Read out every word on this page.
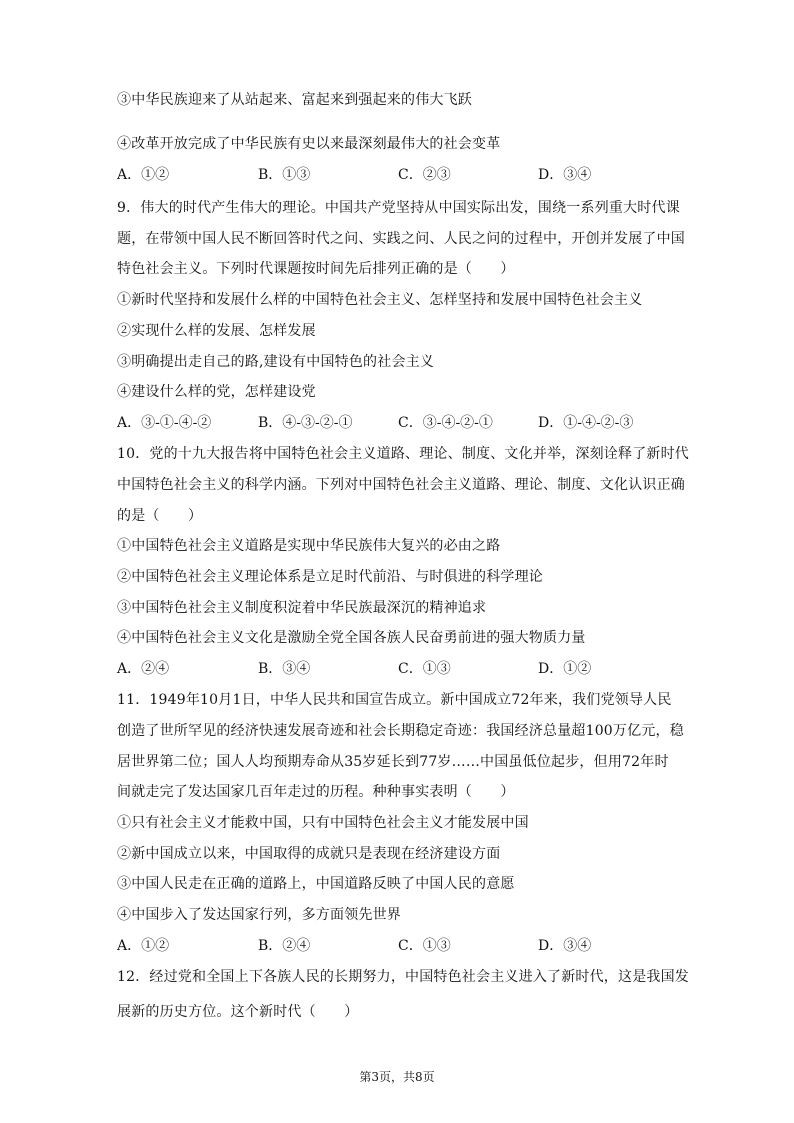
③中华民族迎来了从站起来、富起来到强起来的伟大飞跃
④改革开放完成了中华民族有史以来最深刻最伟大的社会变革
A．①②	B．①③	C．②③	D．③④
9．伟大的时代产生伟大的理论。中国共产党坚持从中国实际出发，围绕一系列重大时代课
题，在带领中国人民不断回答时代之问、实践之问、人民之问的过程中，开创并发展了中国
特色社会主义。下列时代课题按时间先后排列正确的是（　　）
①新时代坚持和发展什么样的中国特色社会主义、怎样坚持和发展中国特色社会主义
②实现什么样的发展、怎样发展
③明确提出走自己的路,建设有中国特色的社会主义
④建设什么样的党，怎样建设党
A．③-①-④-②	B．④-③-②-①	C．③-④-②-①	D．①-④-②-③
10．党的十九大报告将中国特色社会主义道路、理论、制度、文化并举，深刻诠释了新时代
中国特色社会主义的科学内涵。下列对中国特色社会主义道路、理论、制度、文化认识正确
的是（　　）
①中国特色社会主义道路是实现中华民族伟大复兴的必由之路
②中国特色社会主义理论体系是立足时代前沿、与时俱进的科学理论
③中国特色社会主义制度积淀着中华民族最深沉的精神追求
④中国特色社会主义文化是激励全党全国各族人民奋勇前进的强大物质力量
A．②④	B．③④	C．①③	D．①②
11．1949年10月1日，中华人民共和国宣告成立。新中国成立72年来，我们党领导人民
创造了世所罕见的经济快速发展奇迹和社会长期稳定奇迹：我国经济总量超100万亿元，稳
居世界第二位；国人人均预期寿命从35岁延长到77岁……中国虽低位起步，但用72年时
间就走完了发达国家几百年走过的历程。种种事实表明（　　）
①只有社会主义才能救中国，只有中国特色社会主义才能发展中国
②新中国成立以来，中国取得的成就只是表现在经济建设方面
③中国人民走在正确的道路上，中国道路反映了中国人民的意愿
④中国步入了发达国家行列，多方面领先世界
A．①②	B．②④	C．①③	D．③④
12．经过党和全国上下各族人民的长期努力，中国特色社会主义进入了新时代，这是我国发
展新的历史方位。这个新时代（　　）
第3页，共8页
